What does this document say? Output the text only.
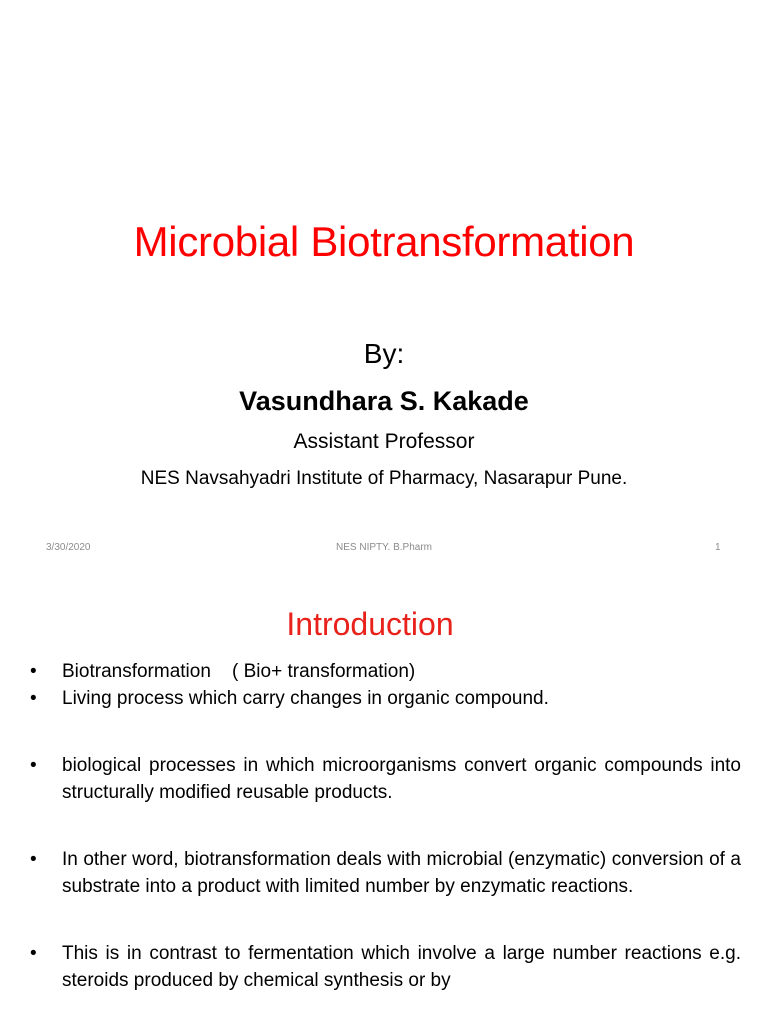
Microbial Biotransformation
By:
Vasundhara S. Kakade
Assistant Professor
NES Navsahyadri Institute of Pharmacy, Nasarapur Pune.
3/30/2020	NES NIPTY. B.Pharm	1
Introduction
•	Biotransformation    ( Bio+ transformation)
•	Living process which carry changes in organic compound.
•	biological processes in which microorganisms convert organic compounds into structurally modified reusable products.
•	In other word, biotransformation deals with microbial (enzymatic) conversion of a substrate into a product with limited number by enzymatic reactions.
•	This is in contrast to fermentation which involve a large number reactions e.g. steroids produced by chemical synthesis or by
